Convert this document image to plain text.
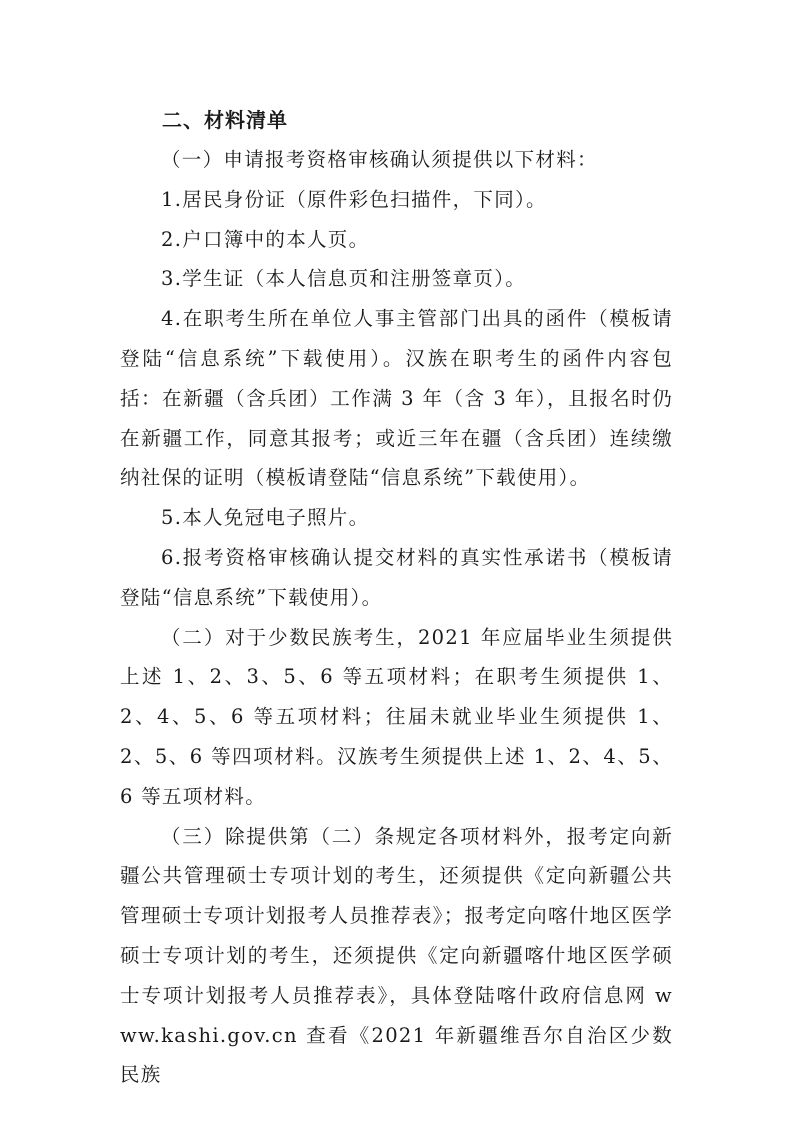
二、材料清单

（一）申请报考资格审核确认须提供以下材料：

1.居民身份证（原件彩色扫描件，下同）。

2.户口簿中的本人页。

3.学生证（本人信息页和注册签章页）。

4.在职考生所在单位人事主管部门出具的函件（模板请登陆“信息系统”下载使用）。汉族在职考生的函件内容包括：在新疆（含兵团）工作满 3 年（含 3 年），且报名时仍在新疆工作，同意其报考；或近三年在疆（含兵团）连续缴纳社保的证明（模板请登陆“信息系统”下载使用）。

5.本人免冠电子照片。

6.报考资格审核确认提交材料的真实性承诺书（模板请登陆“信息系统”下载使用）。

（二）对于少数民族考生，2021 年应届毕业生须提供上述 1、2、3、5、6 等五项材料；在职考生须提供 1、2、4、5、6 等五项材料；往届未就业毕业生须提供 1、2、5、6 等四项材料。汉族考生须提供上述 1、2、4、5、6 等五项材料。

（三）除提供第（二）条规定各项材料外，报考定向新疆公共管理硕士专项计划的考生，还须提供《定向新疆公共管理硕士专项计划报考人员推荐表》；报考定向喀什地区医学硕士专项计划的考生，还须提供《定向新疆喀什地区医学硕士专项计划报考人员推荐表》，具体登陆喀什政府信息网 www.kashi.gov.cn 查看《2021 年新疆维吾尔自治区少数民族
